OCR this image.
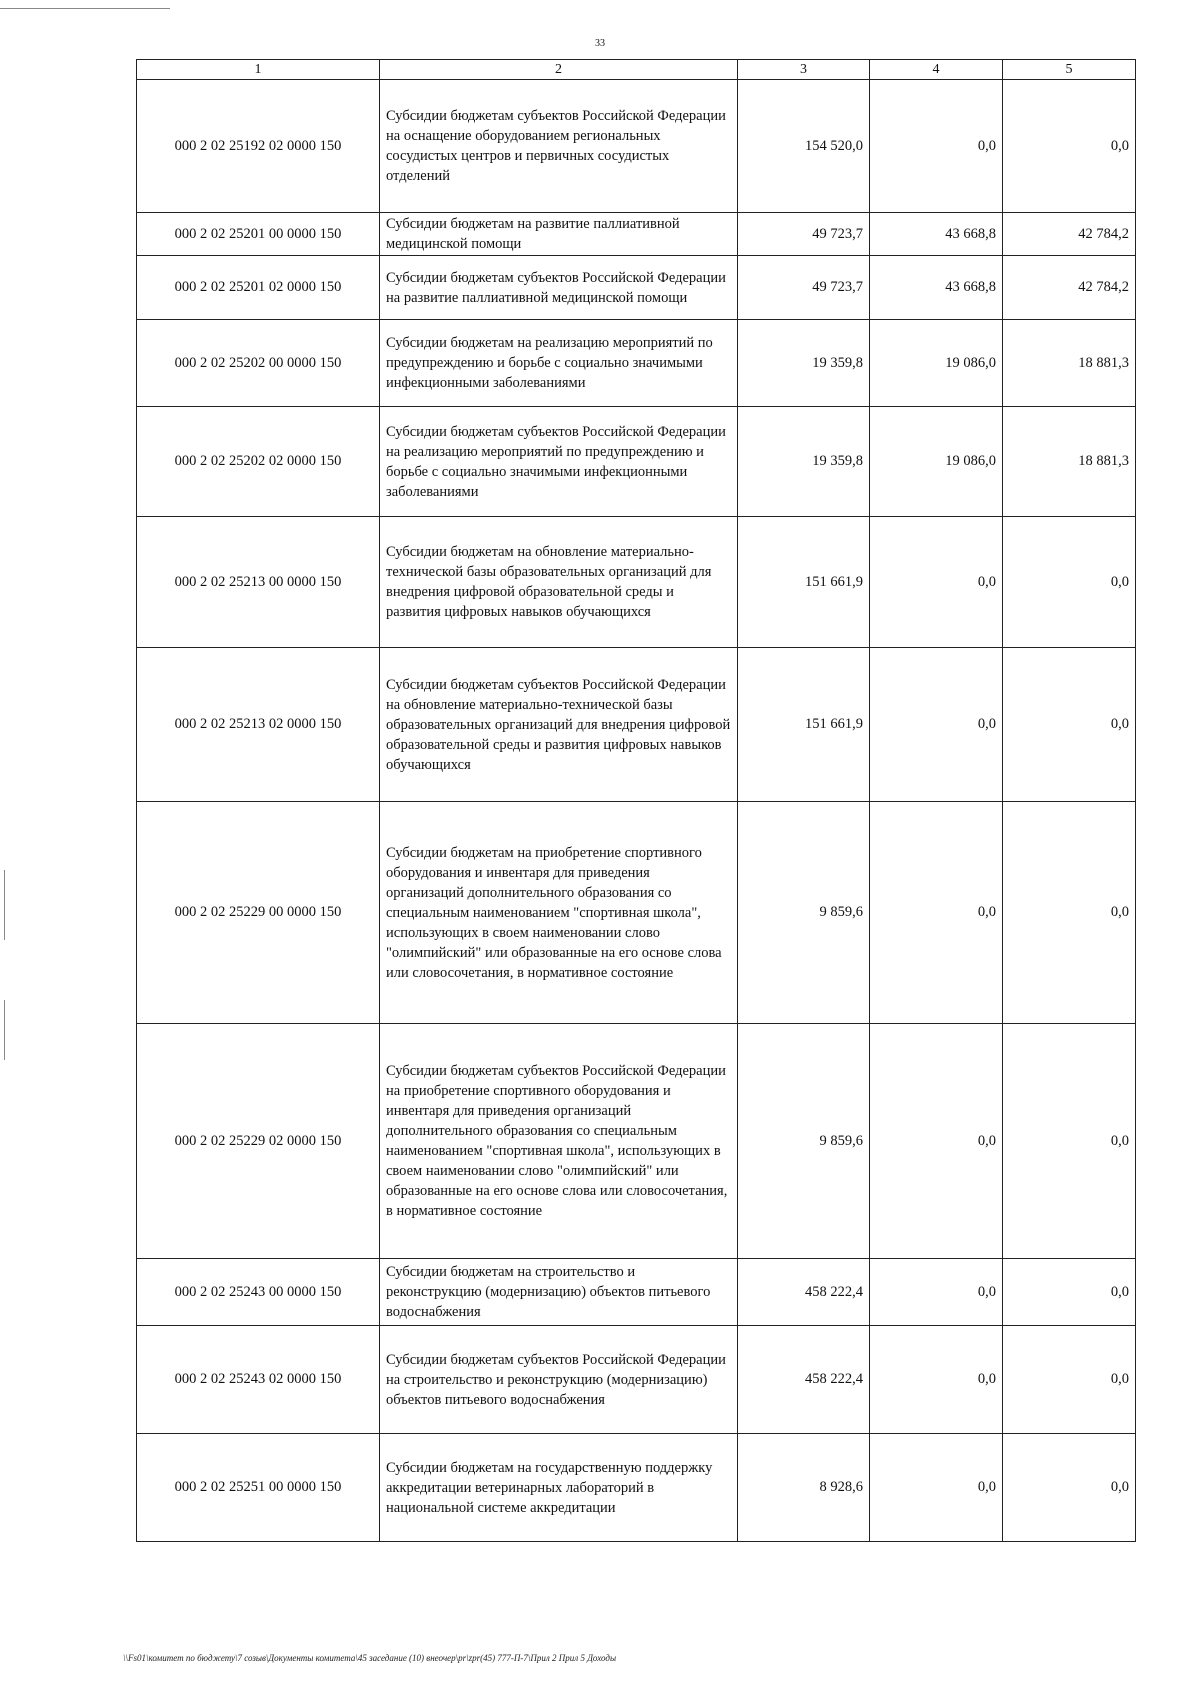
33
1	2	3	4	5
000 2 02 25192 02 0000 150	Субсидии бюджетам субъектов Российской Федерации на оснащение оборудованием региональных сосудистых центров и первичных сосудистых отделений	154 520,0	0,0	0,0
000 2 02 25201 00 0000 150	Субсидии бюджетам на развитие паллиативной медицинской помощи	49 723,7	43 668,8	42 784,2
000 2 02 25201 02 0000 150	Субсидии бюджетам субъектов Российской Федерации на развитие паллиативной медицинской помощи	49 723,7	43 668,8	42 784,2
000 2 02 25202 00 0000 150	Субсидии бюджетам на реализацию мероприятий по предупреждению и борьбе с социально значимыми инфекционными заболеваниями	19 359,8	19 086,0	18 881,3
000 2 02 25202 02 0000 150	Субсидии бюджетам субъектов Российской Федерации на реализацию мероприятий по предупреждению и борьбе с социально значимыми инфекционными заболеваниями	19 359,8	19 086,0	18 881,3
000 2 02 25213 00 0000 150	Субсидии бюджетам на обновление материально-технической базы образовательных организаций для внедрения цифровой образовательной среды и развития цифровых навыков обучающихся	151 661,9	0,0	0,0
000 2 02 25213 02 0000 150	Субсидии бюджетам субъектов Российской Федерации на обновление материально-технической базы образовательных организаций для внедрения цифровой образовательной среды и развития цифровых навыков обучающихся	151 661,9	0,0	0,0
000 2 02 25229 00 0000 150	Субсидии бюджетам на приобретение спортивного оборудования и инвентаря для приведения организаций дополнительного образования со специальным наименованием "спортивная школа", использующих в своем наименовании слово "олимпийский" или образованные на его основе слова или словосочетания, в нормативное состояние	9 859,6	0,0	0,0
000 2 02 25229 02 0000 150	Субсидии бюджетам субъектов Российской Федерации на приобретение спортивного оборудования и инвентаря для приведения организаций дополнительного образования со специальным наименованием "спортивная школа", использующих в своем наименовании слово "олимпийский" или образованные на его основе слова или словосочетания, в нормативное состояние	9 859,6	0,0	0,0
000 2 02 25243 00 0000 150	Субсидии бюджетам на строительство и реконструкцию (модернизацию) объектов питьевого водоснабжения	458 222,4	0,0	0,0
000 2 02 25243 02 0000 150	Субсидии бюджетам субъектов Российской Федерации на строительство и реконструкцию (модернизацию) объектов питьевого водоснабжения	458 222,4	0,0	0,0
000 2 02 25251 00 0000 150	Субсидии бюджетам на государственную поддержку аккредитации ветеринарных лабораторий в национальной системе аккредитации	8 928,6	0,0	0,0
\\Fs01\комитет по бюджету\7 созыв\Документы комитета\45 заседание (10) внеочер\pr\zpr(45) 777-П-7\Прил 2 Прил 5 Доходы
